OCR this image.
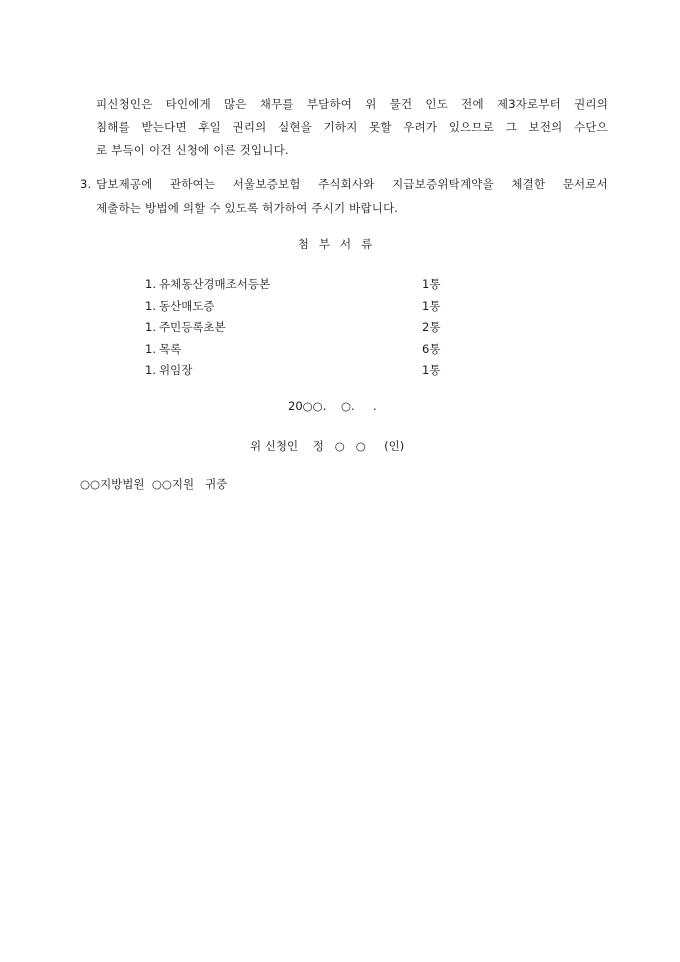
피신청인은 타인에게 많은 채무를 부담하여 위 물건 인도 전에 제3자로부터 권리의
침해를 받는다면 후일 권리의 실현을 기하지 못할 우려가 있으므로 그 보전의 수단으
로 부득이 이건 신청에 이른 것입니다.
3. 담보제공에 관하여는 서울보증보험 주식회사와 지급보증위탁계약을 체결한 문서로서
제출하는 방법에 의할 수 있도록 허가하여 주시기 바랍니다.
첨부서류
1. 유체동산경매조서등본	1통
1. 동산매도증	1통
1. 주민등록초본	2통
1. 목록	6통
1. 위임장	1통
20○○.    ○.     .
위 신청인    정   ○   ○     (인)
○○지방법원  ○○지원   귀중
